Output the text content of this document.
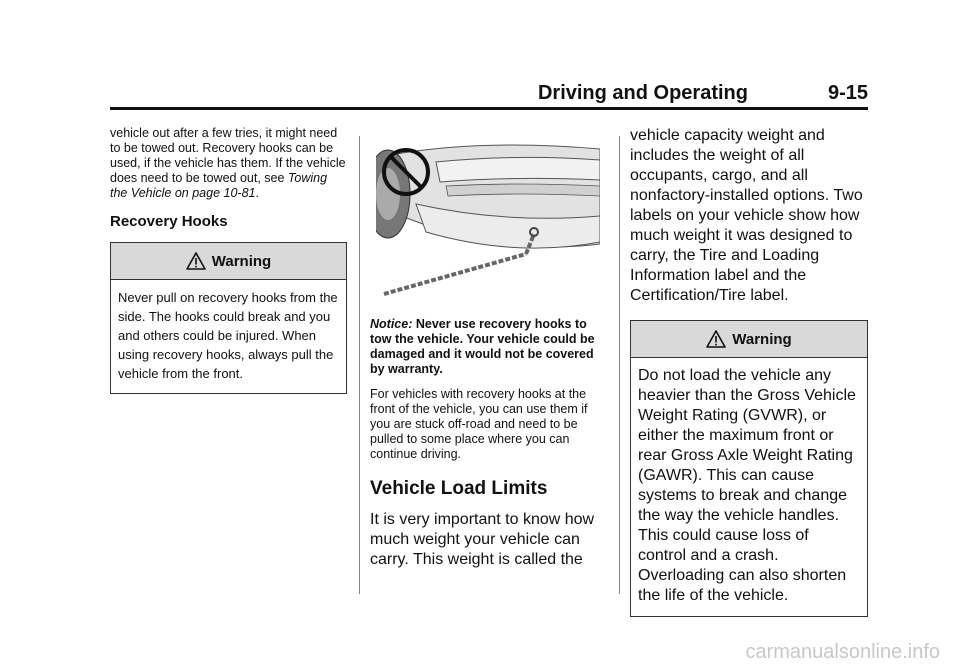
Driving and Operating	9-15

vehicle out after a few tries, it might need to be towed out. Recovery hooks can be used, if the vehicle has them. If the vehicle does need to be towed out, see Towing the Vehicle on page 10-81.

Recovery Hooks
Warning
Never pull on recovery hooks from the side. The hooks could break and you and others could be injured. When using recovery hooks, always pull the vehicle from the front.

Notice: Never use recovery hooks to tow the vehicle. Your vehicle could be damaged and it would not be covered by warranty.

For vehicles with recovery hooks at the front of the vehicle, you can use them if you are stuck off-road and need to be pulled to some place where you can continue driving.

Vehicle Load Limits

It is very important to know how much weight your vehicle can carry. This weight is called the

vehicle capacity weight and includes the weight of all occupants, cargo, and all nonfactory-installed options. Two labels on your vehicle show how much weight it was designed to carry, the Tire and Loading Information label and the Certification/Tire label.

Warning
Do not load the vehicle any heavier than the Gross Vehicle Weight Rating (GVWR), or either the maximum front or rear Gross Axle Weight Rating (GAWR). This can cause systems to break and change the way the vehicle handles. This could cause loss of control and a crash. Overloading can also shorten the life of the vehicle.
carmanualsonline.info
